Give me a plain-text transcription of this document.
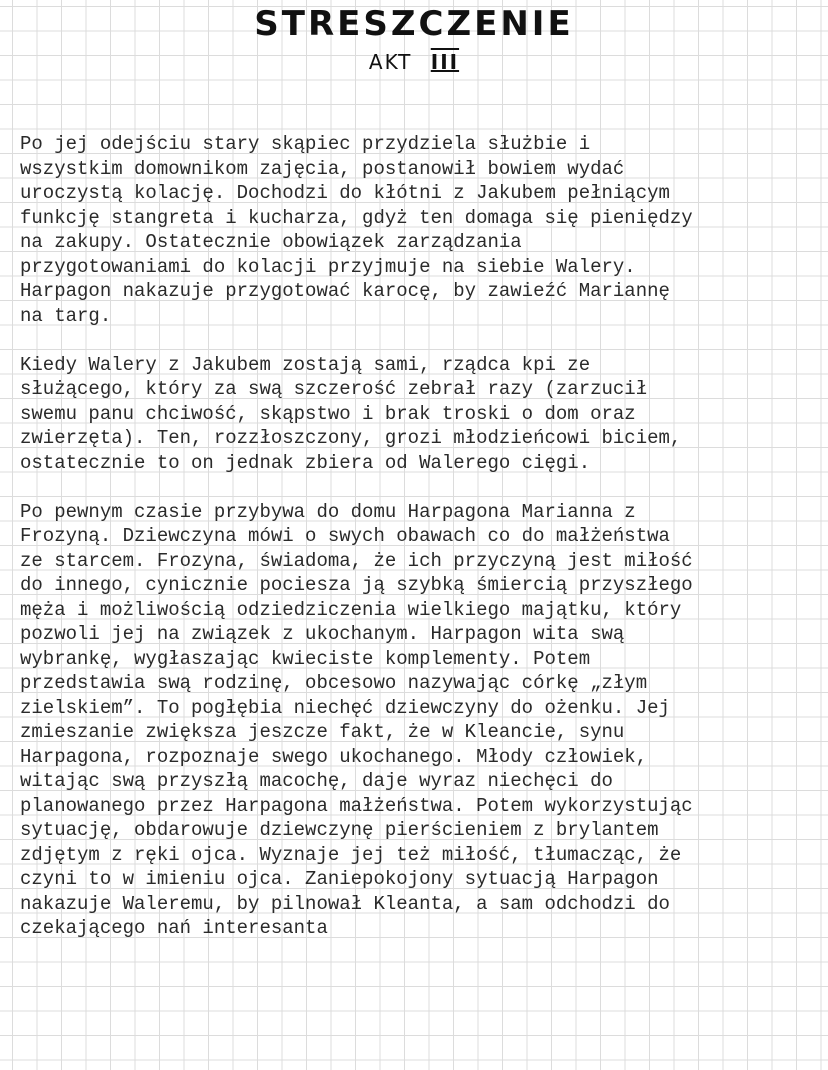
STRESZCZENIE
AKT III

Po jej odejściu stary skąpiec przydziela służbie i
wszystkim domownikom zajęcia, postanowił bowiem wydać
uroczystą kolację. Dochodzi do kłótni z Jakubem pełniącym
funkcję stangreta i kucharza, gdyż ten domaga się pieniędzy
na zakupy. Ostatecznie obowiązek zarządzania
przygotowaniami do kolacji przyjmuje na siebie Walery.
Harpagon nakazuje przygotować karocę, by zawieźć Mariannę
na targ.

Kiedy Walery z Jakubem zostają sami, rządca kpi ze
służącego, który za swą szczerość zebrał razy (zarzucił
swemu panu chciwość, skąpstwo i brak troski o dom oraz
zwierzęta). Ten, rozzłoszczony, grozi młodzieńcowi biciem,
ostatecznie to on jednak zbiera od Walerego cięgi.

Po pewnym czasie przybywa do domu Harpagona Marianna z
Frozyną. Dziewczyna mówi o swych obawach co do małżeństwa
ze starcem. Frozyna, świadoma, że ich przyczyną jest miłość
do innego, cynicznie pociesza ją szybką śmiercią przyszłego
męża i możliwością odziedziczenia wielkiego majątku, który
pozwoli jej na związek z ukochanym. Harpagon wita swą
wybrankę, wygłaszając kwieciste komplementy. Potem
przedstawia swą rodzinę, obcesowo nazywając córkę „złym
zielskiem”. To pogłębia niechęć dziewczyny do ożenku. Jej
zmieszanie zwiększa jeszcze fakt, że w Kleancie, synu
Harpagona, rozpoznaje swego ukochanego. Młody człowiek,
witając swą przyszłą macochę, daje wyraz niechęci do
planowanego przez Harpagona małżeństwa. Potem wykorzystując
sytuację, obdarowuje dziewczynę pierścieniem z brylantem
zdjętym z ręki ojca. Wyznaje jej też miłość, tłumacząc, że
czyni to w imieniu ojca. Zaniepokojony sytuacją Harpagon
nakazuje Waleremu, by pilnował Kleanta, a sam odchodzi do
czekającego nań interesanta
